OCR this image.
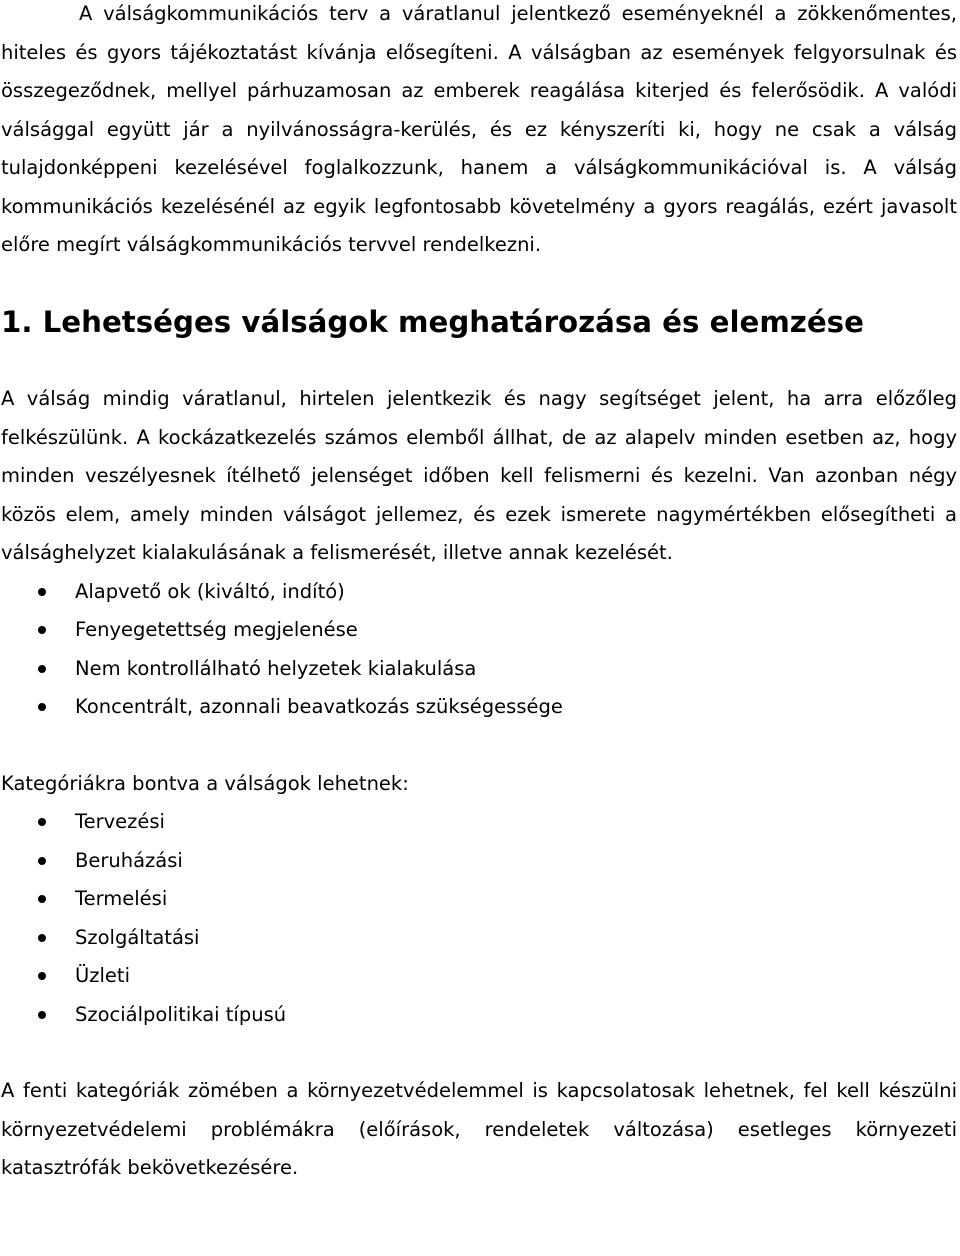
A válságkommunikációs terv a váratlanul jelentkező eseményeknél a zökkenőmentes, hiteles és gyors tájékoztatást kívánja elősegíteni. A válságban az események felgyorsulnak és összegeződnek, mellyel párhuzamosan az emberek reagálása kiterjed és felerősödik. A valódi válsággal együtt jár a nyilvánosságra-kerülés, és ez kényszeríti ki, hogy ne csak a válság tulajdonképpeni kezelésével foglalkozzunk, hanem a válságkommunikációval is. A válság kommunikációs kezelésénél az egyik legfontosabb követelmény a gyors reagálás, ezért javasolt előre megírt válságkommunikációs tervvel rendelkezni.

1. Lehetséges válságok meghatározása és elemzése

A válság mindig váratlanul, hirtelen jelentkezik és nagy segítséget jelent, ha arra előzőleg felkészülünk. A kockázatkezelés számos elemből állhat, de az alapelv minden esetben az, hogy minden veszélyesnek ítélhető jelenséget időben kell felismerni és kezelni. Van azonban négy közös elem, amely minden válságot jellemez, és ezek ismerete nagymértékben elősegítheti a válsághelyzet kialakulásának a felismerését, illetve annak kezelését.

Alapvető ok (kiváltó, indító)
Fenyegetettség megjelenése
Nem kontrollálható helyzetek kialakulása
Koncentrált, azonnali beavatkozás szükségessége

Kategóriákra bontva a válságok lehetnek:

Tervezési
Beruházási
Termelési
Szolgáltatási
Üzleti
Szociálpolitikai típusú

A fenti kategóriák zömében a környezetvédelemmel is kapcsolatosak lehetnek, fel kell készülni környezetvédelemi problémákra (előírások, rendeletek változása) esetleges környezeti katasztrófák bekövetkezésére.
